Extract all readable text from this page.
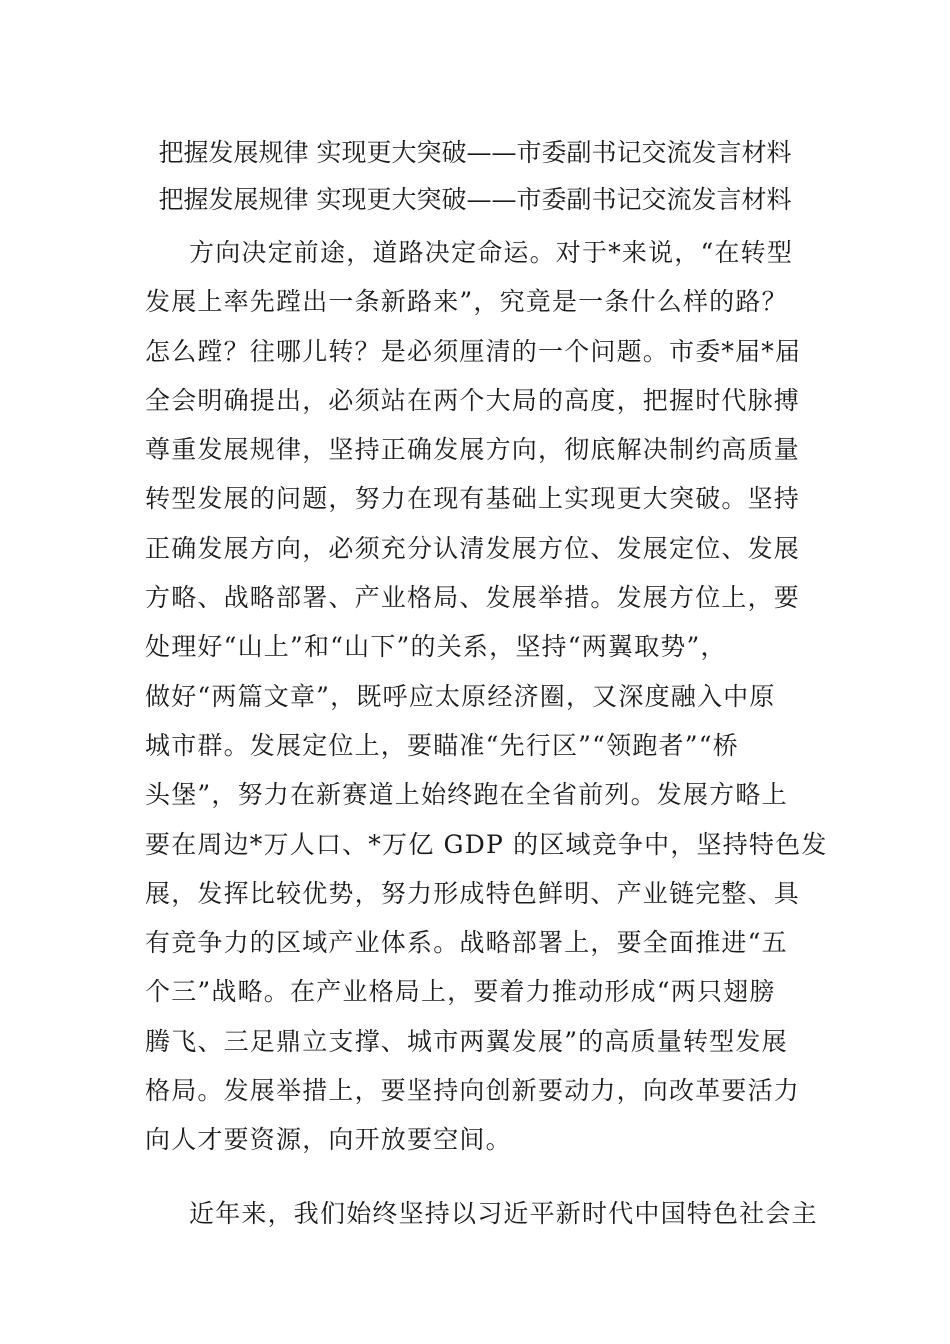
把握发展规律 实现更大突破——市委副书记交流发言材料
把握发展规律 实现更大突破——市委副书记交流发言材料
方向决定前途，道路决定命运。对于*来说，“在转型
发展上率先蹚出一条新路来”，究竟是一条什么样的路？
怎么蹚？往哪儿转？是必须厘清的一个问题。市委*届*届
全会明确提出，必须站在两个大局的高度，把握时代脉搏
尊重发展规律，坚持正确发展方向，彻底解决制约高质量
转型发展的问题，努力在现有基础上实现更大突破。坚持
正确发展方向，必须充分认清发展方位、发展定位、发展
方略、战略部署、产业格局、发展举措。发展方位上，要
处理好“山上”和“山下”的关系，坚持“两翼取势”，
做好“两篇文章”，既呼应太原经济圈，又深度融入中原
城市群。发展定位上，要瞄准“先行区”“领跑者”“桥
头堡”，努力在新赛道上始终跑在全省前列。发展方略上
要在周边*万人口、*万亿 GDP 的区域竞争中，坚持特色发
展，发挥比较优势，努力形成特色鲜明、产业链完整、具
有竞争力的区域产业体系。战略部署上，要全面推进“五
个三”战略。在产业格局上，要着力推动形成“两只翅膀
腾飞、三足鼎立支撑、城市两翼发展”的高质量转型发展
格局。发展举措上，要坚持向创新要动力，向改革要活力
向人才要资源，向开放要空间。
近年来，我们始终坚持以习近平新时代中国特色社会主
